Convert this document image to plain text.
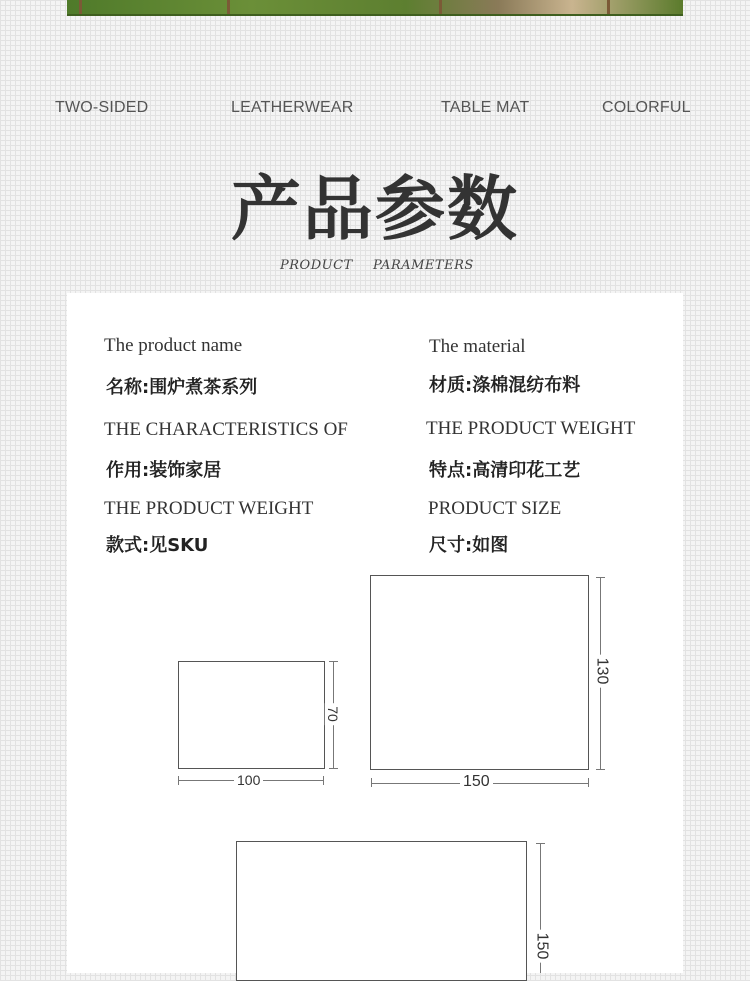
TWO-SIDED	LEATHERWEAR	TABLE MAT	COLORFUL
产品参数
PRODUCT PARAMETERS
The product name
名称:围炉煮茶系列
The material
材质:涤棉混纺布料
THE CHARACTERISTICS OF
作用:装饰家居
THE PRODUCT WEIGHT
特点:高清印花工艺
THE PRODUCT WEIGHT
款式:见SKU
PRODUCT SIZE
尺寸:如图
100
70
150
130
150
